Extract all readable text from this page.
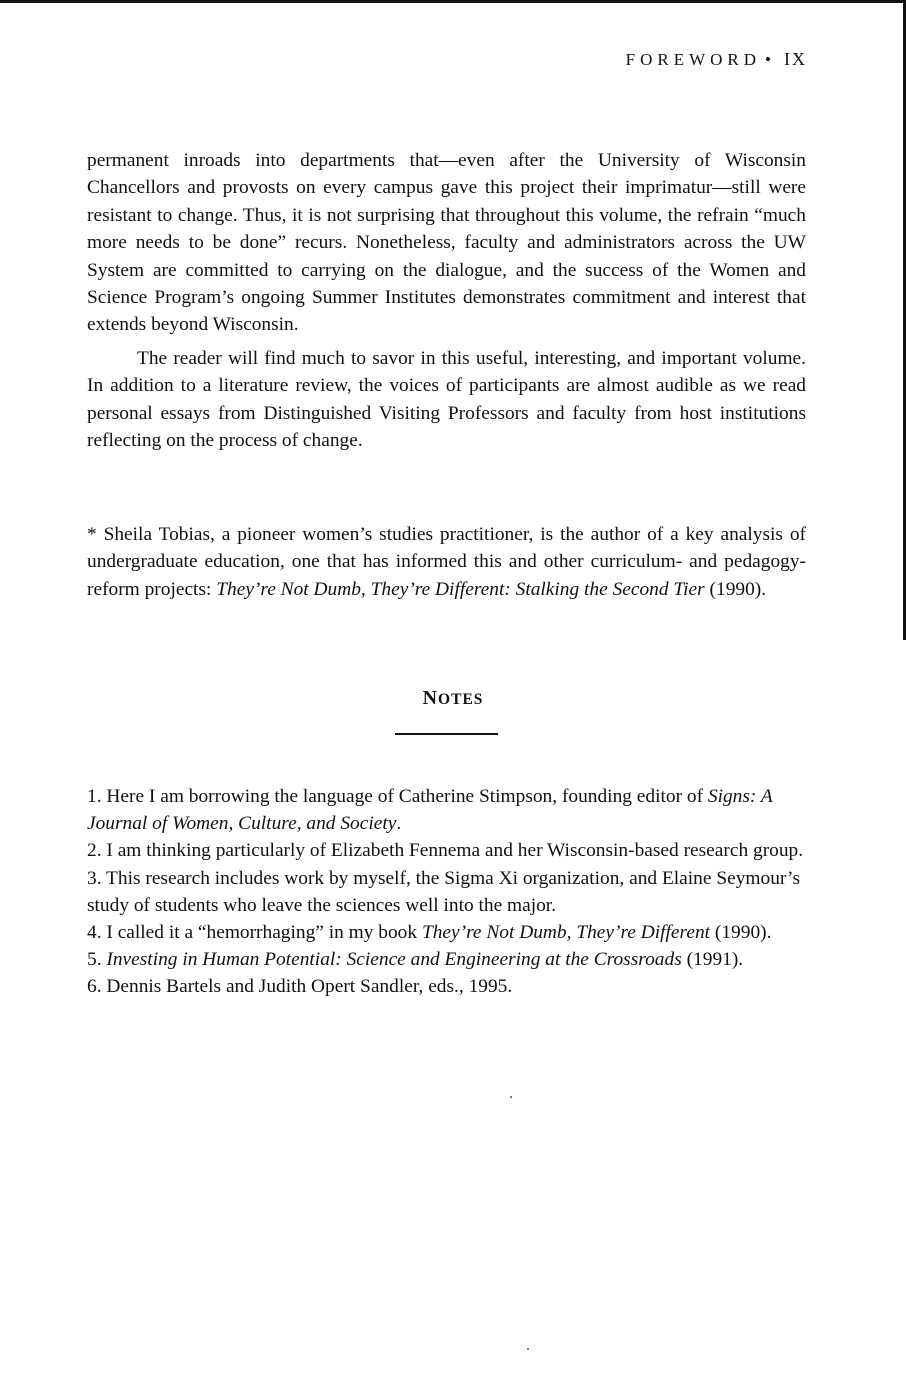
FOREWORD • IX

permanent inroads into departments that—even after the University of Wisconsin Chancellors and provosts on every campus gave this project their imprimatur—still were resistant to change. Thus, it is not surprising that throughout this volume, the refrain “much more needs to be done” recurs. Nonetheless, faculty and administrators across the UW System are committed to carrying on the dialogue, and the success of the Women and Science Program’s ongoing Summer Institutes demonstrates commitment and interest that extends beyond Wisconsin.

The reader will find much to savor in this useful, interesting, and important volume. In addition to a literature review, the voices of participants are almost audible as we read personal essays from Distinguished Visiting Professors and faculty from host institutions reflecting on the process of change.

* Sheila Tobias, a pioneer women’s studies practitioner, is the author of a key analysis of undergraduate education, one that has informed this and other curriculum- and pedagogy-reform projects: They’re Not Dumb, They’re Different: Stalking the Second Tier (1990).

NOTES

1. Here I am borrowing the language of Catherine Stimpson, founding editor of Signs: A Journal of Women, Culture, and Society.

2. I am thinking particularly of Elizabeth Fennema and her Wisconsin-based research group.

3. This research includes work by myself, the Sigma Xi organization, and Elaine Seymour’s study of students who leave the sciences well into the major.

4. I called it a “hemorrhaging” in my book They’re Not Dumb, They’re Different (1990).

5. Investing in Human Potential: Science and Engineering at the Crossroads (1991).

6. Dennis Bartels and Judith Opert Sandler, eds., 1995.
